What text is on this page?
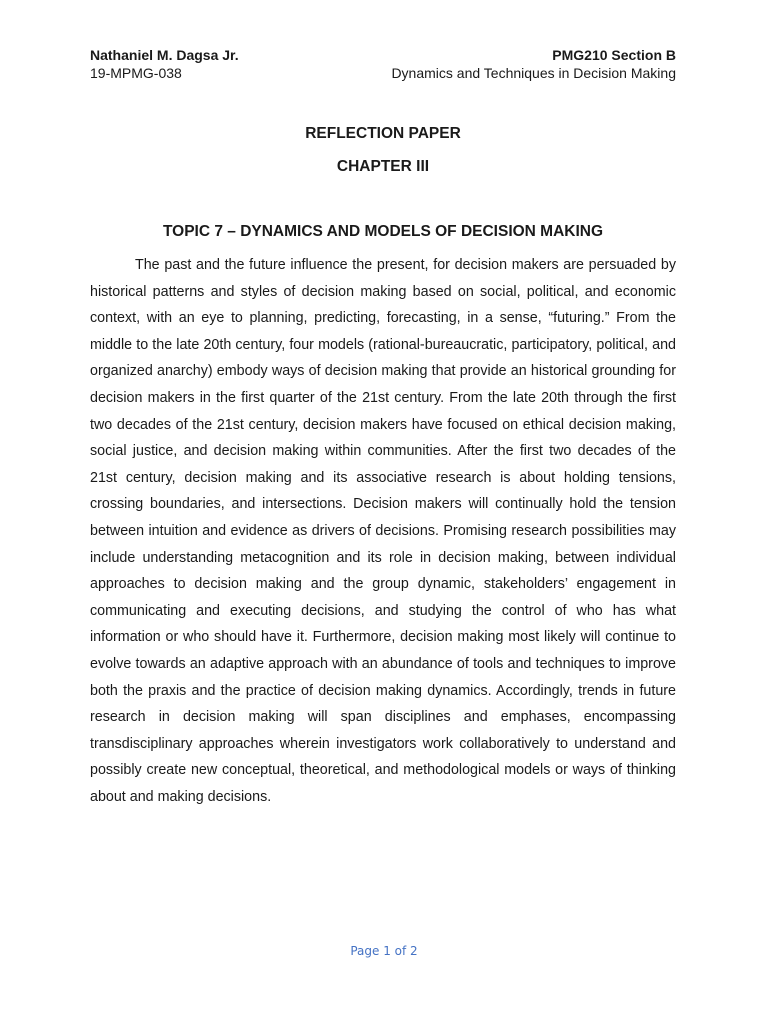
Nathaniel M. Dagsa Jr.	PMG210 Section B
19-MPMG-038	Dynamics and Techniques in Decision Making
REFLECTION PAPER
CHAPTER III
TOPIC 7 – DYNAMICS AND MODELS OF DECISION MAKING

The past and the future influence the present, for decision makers are persuaded by historical patterns and styles of decision making based on social, political, and economic context, with an eye to planning, predicting, forecasting, in a sense, “futuring.” From the middle to the late 20th century, four models (rational-bureaucratic, participatory, political, and organized anarchy) embody ways of decision making that provide an historical grounding for decision makers in the first quarter of the 21st century. From the late 20th through the first two decades of the 21st century, decision makers have focused on ethical decision making, social justice, and decision making within communities. After the first two decades of the 21st century, decision making and its associative research is about holding tensions, crossing boundaries, and intersections. Decision makers will continually hold the tension between intuition and evidence as drivers of decisions. Promising research possibilities may include understanding metacognition and its role in decision making, between individual approaches to decision making and the group dynamic, stakeholders’ engagement in communicating and executing decisions, and studying the control of who has what information or who should have it. Furthermore, decision making most likely will continue to evolve towards an adaptive approach with an abundance of tools and techniques to improve both the praxis and the practice of decision making dynamics. Accordingly, trends in future research in decision making will span disciplines and emphases, encompassing transdisciplinary approaches wherein investigators work collaboratively to understand and possibly create new conceptual, theoretical, and methodological models or ways of thinking about and making decisions.

Page 1 of 2
